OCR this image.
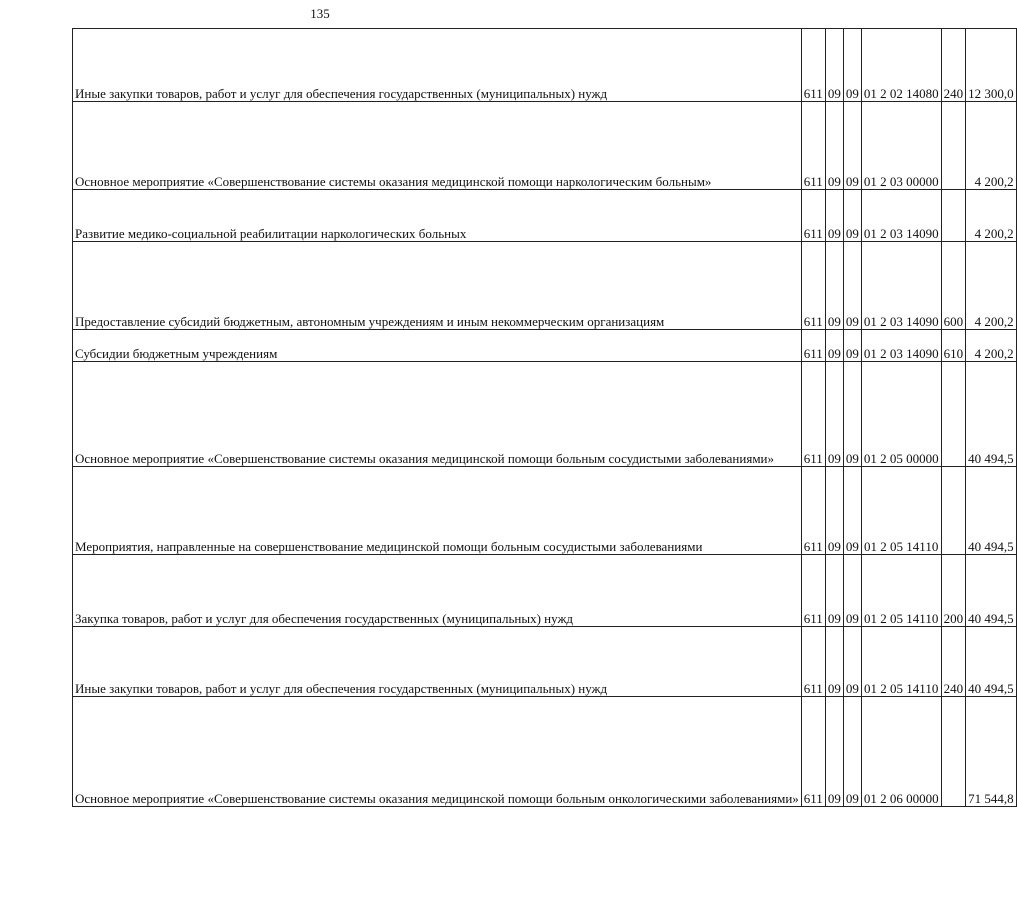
135
Иные закупки товаров, работ и услуг для обеспечения государственных (муниципальных) нужд	611	09	09	01 2 02 14080	240	12 300,0
Основное мероприятие «Совершенствование системы оказания медицинской помощи наркологическим больным»	611	09	09	01 2 03 00000		4 200,2
Развитие медико-социальной реабилитации наркологических больных	611	09	09	01 2 03 14090		4 200,2
Предоставление субсидий бюджетным, автономным учреждениям и иным некоммерческим организациям	611	09	09	01 2 03 14090	600	4 200,2
Субсидии бюджетным учреждениям	611	09	09	01 2 03 14090	610	4 200,2
Основное мероприятие «Совершенствование системы оказания медицинской помощи больным сосудистыми заболеваниями»	611	09	09	01 2 05 00000		40 494,5
Мероприятия, направленные на совершенствование медицинской помощи больным сосудистыми заболеваниями	611	09	09	01 2 05 14110		40 494,5
Закупка товаров, работ и услуг для обеспечения государственных (муниципальных) нужд	611	09	09	01 2 05 14110	200	40 494,5
Иные закупки товаров, работ и услуг для обеспечения государственных (муниципальных) нужд	611	09	09	01 2 05 14110	240	40 494,5
Основное мероприятие «Совершенствование системы оказания медицинской помощи больным онкологическими заболеваниями»	611	09	09	01 2 06 00000		71 544,8
